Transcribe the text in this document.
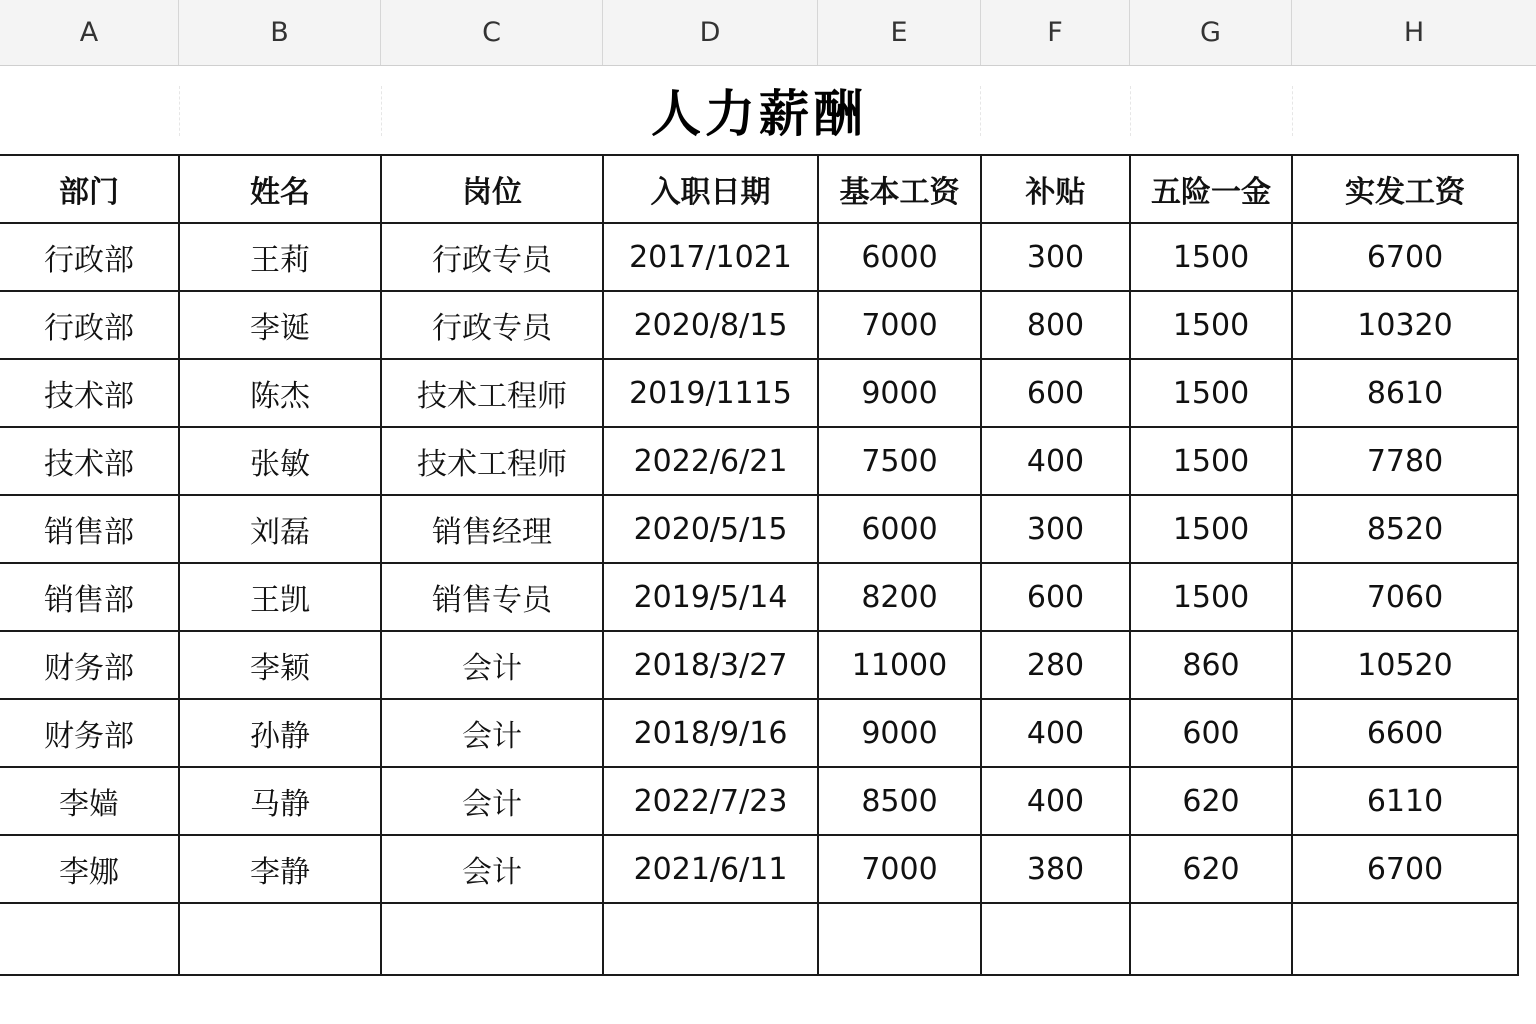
A	B	C	D	E	F	G	H
人力薪酬
部门	姓名	岗位	入职日期	基本工资	补贴	五险一金	实发工资
行政部	王莉	行政专员	2017/1021	6000	300	1500	6700
行政部	李诞	行政专员	2020/8/15	7000	800	1500	10320
技术部	陈杰	技术工程师	2019/1115	9000	600	1500	8610
技术部	张敏	技术工程师	2022/6/21	7500	400	1500	7780
销售部	刘磊	销售经理	2020/5/15	6000	300	1500	8520
销售部	王凯	销售专员	2019/5/14	8200	600	1500	7060
财务部	李颖	会计	2018/3/27	11000	280	860	10520
财务部	孙静	会计	2018/9/16	9000	400	600	6600
李嫱	马静	会计	2022/7/23	8500	400	620	6110
李娜	李静	会计	2021/6/11	7000	380	620	6700
